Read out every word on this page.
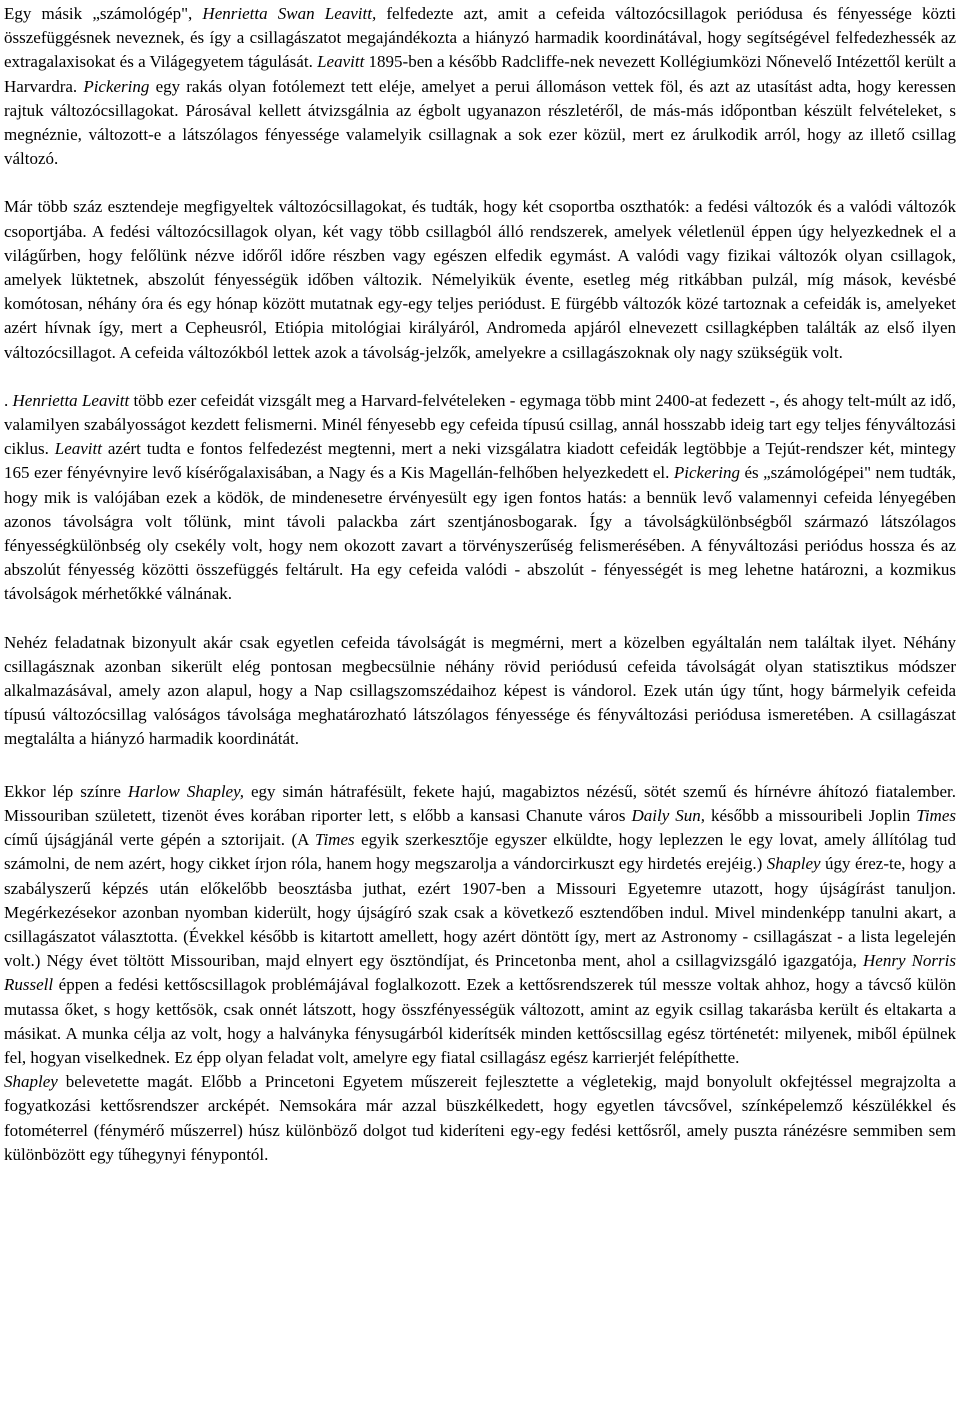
Egy másik „számológép", Henrietta Swan Leavitt, felfedezte azt, amit a cefeida változócsillagok periódusa és fényessége közti összefüggésnek neveznek, és így a csillagászatot megajándékozta a hiányzó harmadik koordinátával, hogy segítségével felfedezhessék az extragalaxisokat és a Világegyetem tágulását. Leavitt 1895-ben a később Radcliffe-nek nevezett Kollégiumközi Nőnevelő Intézettől került a Harvardra. Pickering egy rakás olyan fotólemezt tett eléje, amelyet a perui állomáson vettek föl, és azt az utasítást adta, hogy keressen rajtuk változócsillagokat. Párosával kellett átvizsgálnia az égbolt ugyanazon részletéről, de más-más időpontban készült felvételeket, s megnéznie, változott-e a látszólagos fényessége valamelyik csillagnak a sok ezer közül, mert ez árulkodik arról, hogy az illető csillag változó.

Már több száz esztendeje megfigyeltek változócsillagokat, és tudták, hogy két csoportba oszthatók: a fedési változók és a valódi változók csoportjába. A fedési változócsillagok olyan, két vagy több csillagból álló rendszerek, amelyek véletlenül éppen úgy helyezkednek el a világűrben, hogy felőlünk nézve időről időre részben vagy egészen elfedik egymást. A valódi vagy fizikai változók olyan csillagok, amelyek lüktetnek, abszolút fényességük időben változik. Némelyikük évente, esetleg még ritkábban pulzál, míg mások, kevésbé komótosan, néhány óra és egy hónap között mutatnak egy-egy teljes periódust. E fürgébb változók közé tartoznak a cefeidák is, amelyeket azért hívnak így, mert a Cepheusról, Etiópia mitológiai királyáról, Andromeda apjáról elnevezett csillagképben találták az első ilyen változócsillagot. A cefeida változókból lettek azok a távolság-jelzők, amelyekre a csillagászoknak oly nagy szükségük volt.

. Henrietta Leavitt több ezer cefeidát vizsgált meg a Harvard-felvételeken - egymaga több mint 2400-at fedezett -, és ahogy telt-múlt az idő, valamilyen szabályosságot kezdett felismerni. Minél fényesebb egy cefeida típusú csillag, annál hosszabb ideig tart egy teljes fényváltozási ciklus. Leavitt azért tudta e fontos felfedezést megtenni, mert a neki vizsgálatra kiadott cefeidák legtöbbje a Tejút-rendszer két, mintegy 165 ezer fényévnyire levő kísérőgalaxisában, a Nagy és a Kis Magellán-felhőben helyezkedett el. Pickering és „számológépei" nem tudták, hogy mik is valójában ezek a ködök, de mindenesetre érvényesült egy igen fontos hatás: a bennük levő valamennyi cefeida lényegében azonos távolságra volt tőlünk, mint távoli palackba zárt szentjánosbogarak. Így a távolságkülönbségből származó látszólagos fényességkülönbség oly csekély volt, hogy nem okozott zavart a törvényszerűség felismerésében. A fényváltozási periódus hossza és az abszolút fényesség közötti összefüggés feltárult. Ha egy cefeida valódi - abszolút - fényességét is meg lehetne határozni, a kozmikus távolságok mérhetőkké válnának.

Nehéz feladatnak bizonyult akár csak egyetlen cefeida távolságát is megmérni, mert a közelben egyáltalán nem találtak ilyet. Néhány csillagásznak azonban sikerült elég pontosan megbecsülnie néhány rövid periódusú cefeida távolságát olyan statisztikus módszer alkalmazásával, amely azon alapul, hogy a Nap csillagszomszédaihoz képest is vándorol. Ezek után úgy tűnt, hogy bármelyik cefeida típusú változócsillag valóságos távolsága meghatározható látszólagos fényessége és fényváltozási periódusa ismeretében. A csillagászat megtalálta a hiányzó harmadik koordinátát.

Ekkor lép színre Harlow Shapley, egy simán hátrafésült, fekete hajú, magabiztos nézésű, sötét szemű és hírnévre áhítozó fiatalember. Missouriban született, tizenöt éves korában riporter lett, s előbb a kansasi Chanute város Daily Sun, később a missouribeli Joplin Times című újságjánál verte gépén a sztorijait. (A Times egyik szerkesztője egyszer elküldte, hogy leplezzen le egy lovat, amely állítólag tud számolni, de nem azért, hogy cikket írjon róla, hanem hogy megszarolja a vándorcirkuszt egy hirdetés erejéig.) Shapley úgy érez-te, hogy a szabályszerű képzés után előkelőbb beosztásba juthat, ezért 1907-ben a Missouri Egyetemre utazott, hogy újságírást tanuljon. Megérkezésekor azonban nyomban kiderült, hogy újságíró szak csak a következő esztendőben indul. Mivel mindenképp tanulni akart, a csillagászatot választotta. (Évekkel később is kitartott amellett, hogy azért döntött így, mert az Astronomy - csillagászat - a lista legelején volt.) Négy évet töltött Missouriban, majd elnyert egy ösztöndíjat, és Princetonba ment, ahol a csillagvizsgáló igazgatója, Henry Norris Russell éppen a fedési kettőscsillagok problémájával foglalkozott. Ezek a kettősrendszerek túl messze voltak ahhoz, hogy a távcső külön mutassa őket, s hogy kettősök, csak onnét látszott, hogy összfényességük változott, amint az egyik csillag takarásba került és eltakarta a másikat. A munka célja az volt, hogy a halványka fénysugárból kiderítsék minden kettőscsillag egész történetét: milyenek, miből épülnek fel, hogyan viselkednek. Ez épp olyan feladat volt, amelyre egy fiatal csillagász egész karrierjét felépíthette.

Shapley belevetette magát. Előbb a Princetoni Egyetem műszereit fejlesztette a végletekig, majd bonyolult okfejtéssel megrajzolta a fogyatkozási kettősrendszer arcképét. Nemsokára már azzal büszkélkedett, hogy egyetlen távcsővel, színképelemző készülékkel és fotométerrel (fénymérő műszerrel) húsz különböző dolgot tud kideríteni egy-egy fedési kettősről, amely puszta ránézésre semmiben sem különbözött egy tűhegynyi fénypontól.
